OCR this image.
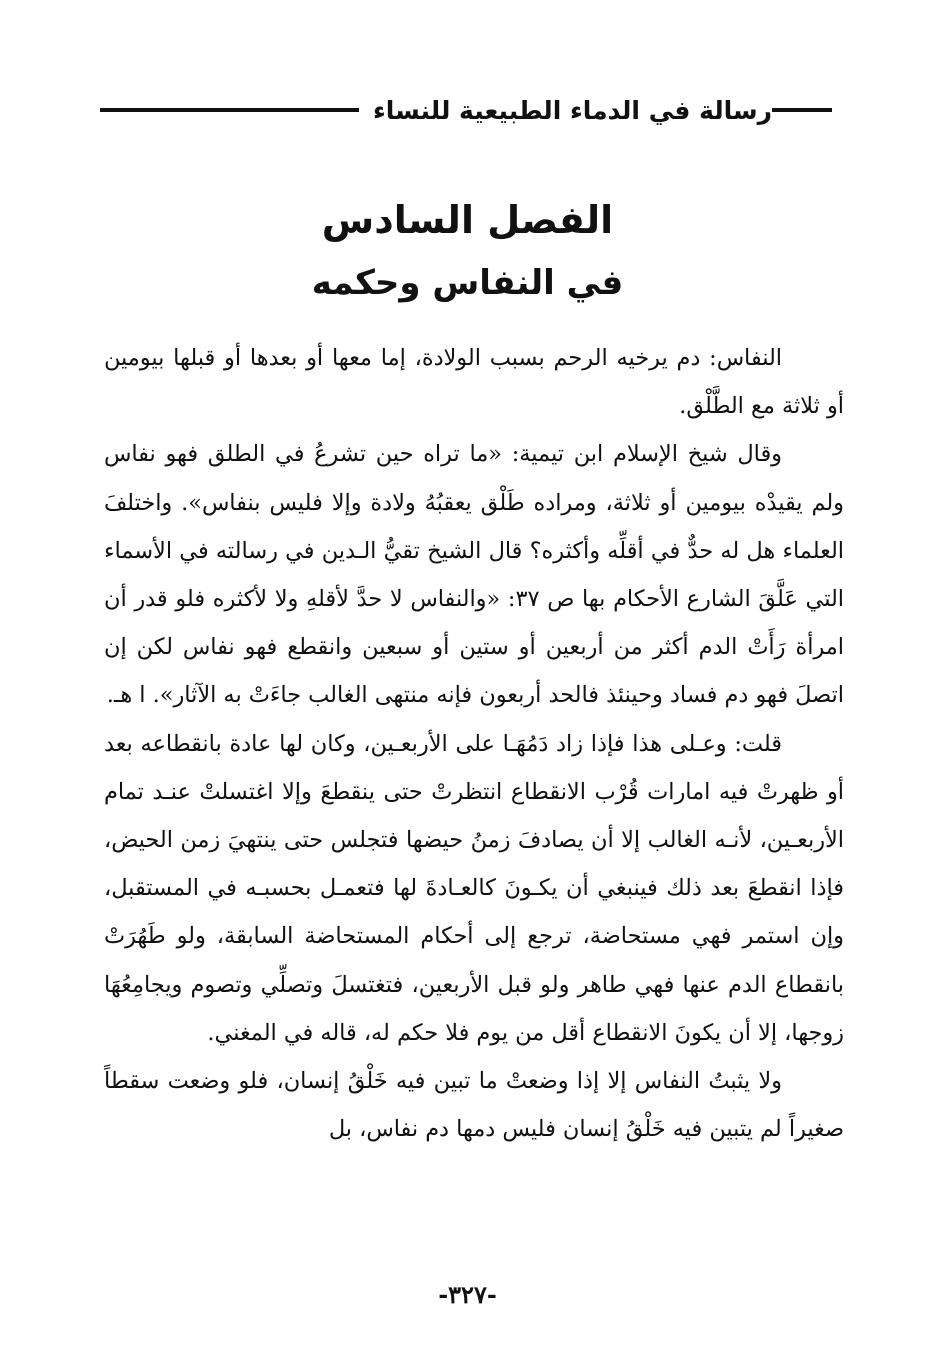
رسالة في الدماء الطبيعية للنساء
الفصل السادس
في النفاس وحكمه

النفاس: دم يرخيه الرحم بسبب الولادة، إما معها أو بعدها أو قبلها بيومين أو ثلاثة مع الطَّلْق.

وقال شيخ الإسلام ابن تيمية: «ما تراه حين تشرعُ في الطلق فهو نفاس ولم يقيدْه بيومين أو ثلاثة، ومراده طَلْق يعقبُهُ ولادة وإلا فليس بنفاس». واختلفَ العلماء هل له حدٌّ في أقلِّه وأكثره؟ قال الشيخ تقيُّ الـدين في رسالته في الأسماء التي عَلَّقَ الشارع الأحكام بها ص ٣٧: «والنفاس لا حدَّ لأقلهِ ولا لأكثره فلو قدر أن امرأة رَأَتْ الدم أكثر من أربعين أو ستين أو سبعين وانقطع فهو نفاس لكن إن اتصلَ فهو دم فساد وحينئذ فالحد أربعون فإنه منتهى الغالب جاءَتْ به الآثار». ا هـ.

قلت: وعـلى هذا فإذا زاد دَمُهَـا على الأربعـين، وكان لها عادة بانقطاعه بعد أو ظهرتْ فيه امارات قُرْب الانقطاع انتظرتْ حتى ينقطعَ وإلا اغتسلتْ عنـد تمام الأربعـين، لأنـه الغالب إلا أن يصادفَ زمنُ حيضها فتجلس حتى ينتهيَ زمن الحيض، فإذا انقطعَ بعد ذلك فينبغي أن يكـونَ كالعـادةَ لها فتعمـل بحسبـه في المستقبل، وإن استمر فهي مستحاضة، ترجع إلى أحكام المستحاضة السابقة، ولو طَهُرَتْ بانقطاع الدم عنها فهي طاهر ولو قبل الأربعين، فتغتسلَ وتصلِّي وتصوم ويجامِعُهَا زوجها، إلا أن يكونَ الانقطاع أقل من يوم فلا حكم له، قاله في المغني.

ولا يثبتُ النفاس إلا إذا وضعتْ ما تبين فيه خَلْقُ إنسان، فلو وضعت سقطاً صغيراً لم يتبين فيه خَلْقُ إنسان فليس دمها دم نفاس، بل

-٣٢٧-
